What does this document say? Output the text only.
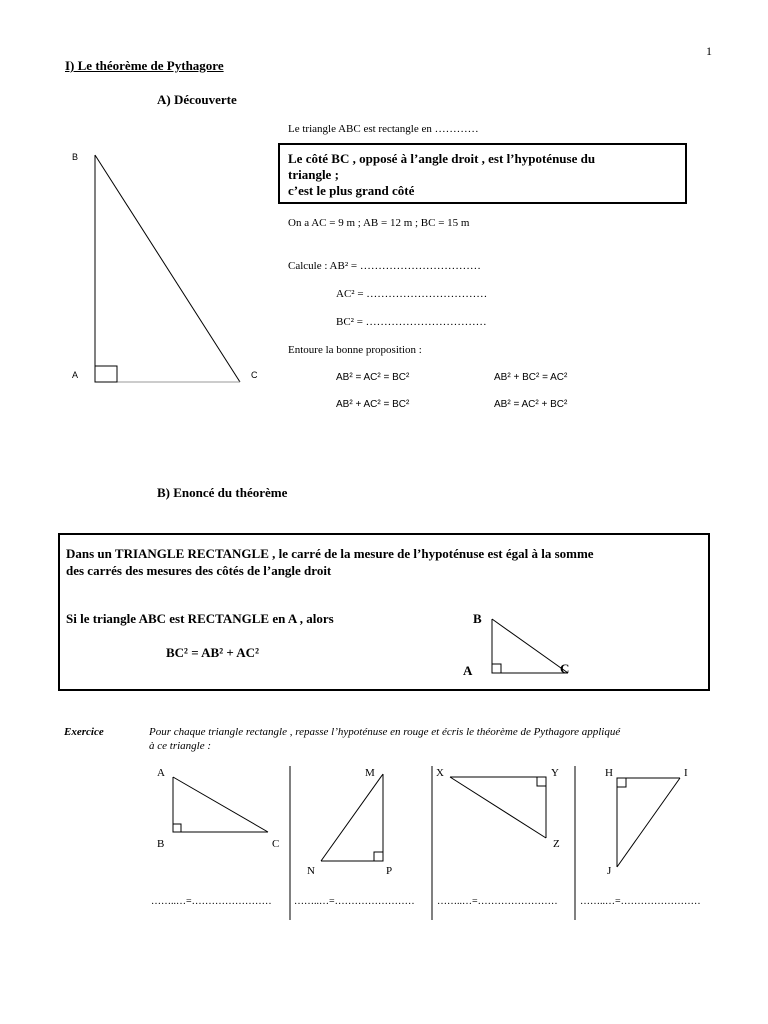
1
I) Le théorème de Pythagore
A) Découverte
B
A	C
Le triangle ABC est rectangle en …………
Le côté BC , opposé à l’angle droit , est l’hypoténuse du
triangle ;
c’est le plus grand côté
On a AC = 9 m ; AB = 12 m ; BC = 15 m
Calcule : AB² = ……………………………
AC² = ……………………………
BC² = ……………………………
Entoure la bonne proposition :
AB² = AC² = BC²	AB² + BC² = AC²
AB² + AC² = BC²	AB² = AC² + BC²
B) Enoncé du théorème
Dans un TRIANGLE RECTANGLE , le carré de la mesure de l’hypoténuse est égal à la somme
des carrés des mesures des côtés de l’angle droit
Si le triangle ABC est RECTANGLE en A , alors
BC² = AB² + AC²
B
A	C
Exercice	Pour chaque triangle rectangle , repasse l’hypoténuse en rouge et écris le théorème de Pythagore appliqué
à ce triangle :
A
B	C
M
N	P
X	Y
Z
H	I
J
……..…=…………………… ……..…=…………………… ……..…=…………………… ……..…=……………………
